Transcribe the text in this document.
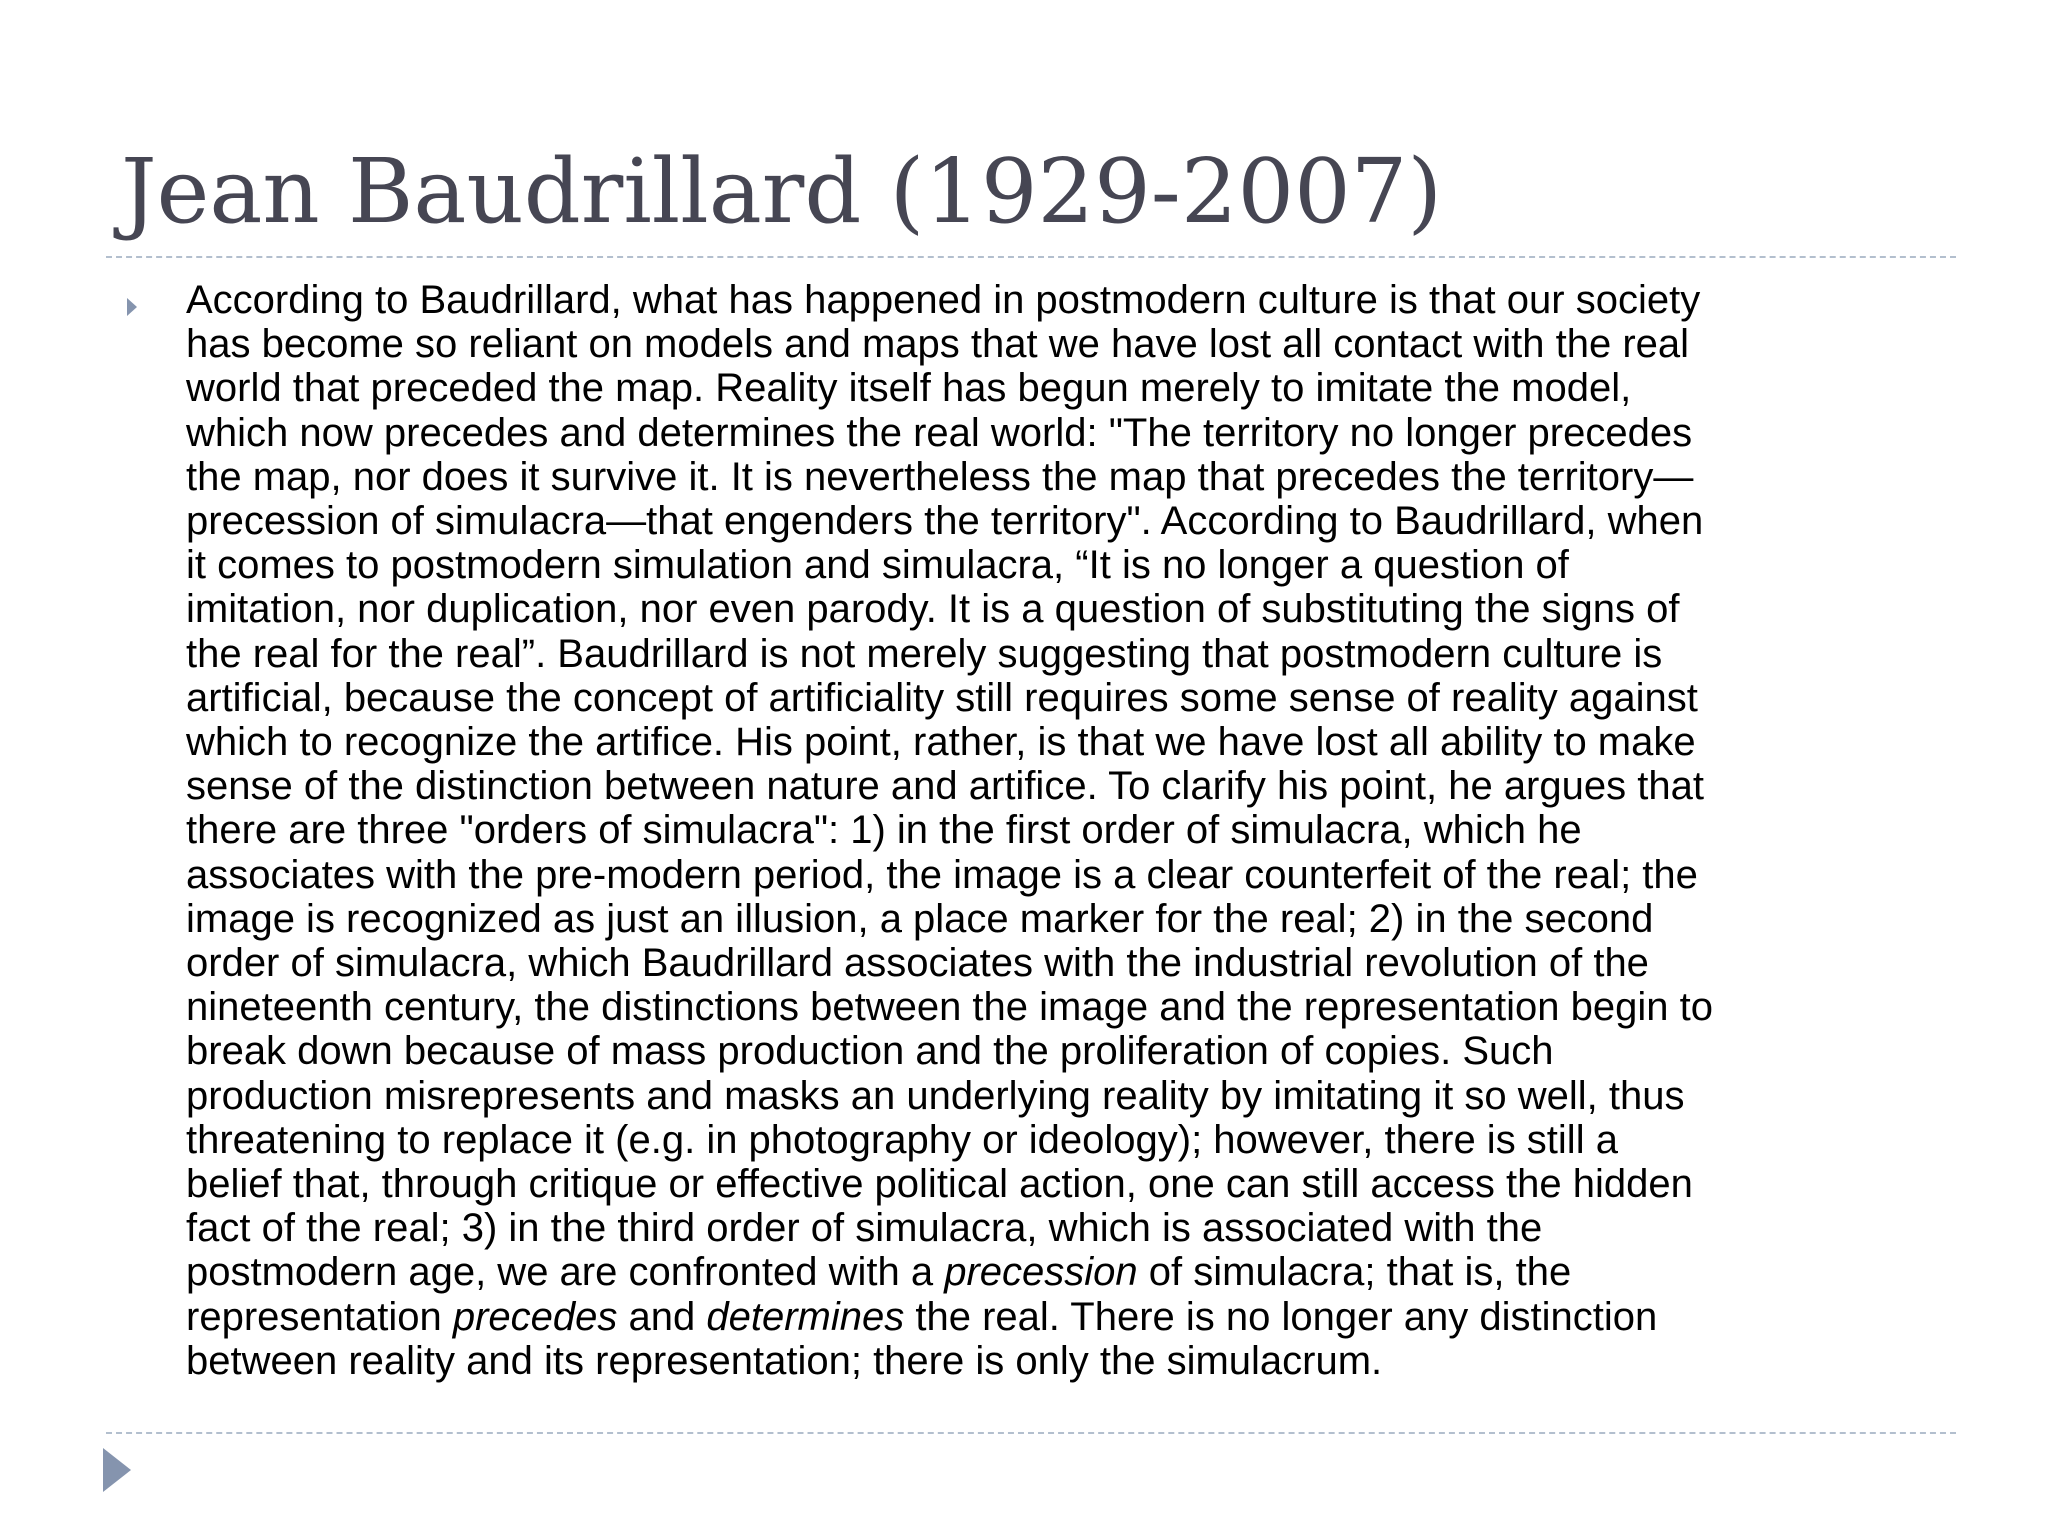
Jean Baudrillard (1929-2007)

According to Baudrillard, what has happened in postmodern culture is that our society
has become so reliant on models and maps that we have lost all contact with the real
world that preceded the map. Reality itself has begun merely to imitate the model,
which now precedes and determines the real world: "The territory no longer precedes
the map, nor does it survive it. It is nevertheless the map that precedes the territory—
precession of simulacra—that engenders the territory". According to Baudrillard, when
it comes to postmodern simulation and simulacra, “It is no longer a question of
imitation, nor duplication, nor even parody. It is a question of substituting the signs of
the real for the real”. Baudrillard is not merely suggesting that postmodern culture is
artificial, because the concept of artificiality still requires some sense of reality against
which to recognize the artifice. His point, rather, is that we have lost all ability to make
sense of the distinction between nature and artifice. To clarify his point, he argues that
there are three "orders of simulacra": 1) in the first order of simulacra, which he
associates with the pre-modern period, the image is a clear counterfeit of the real; the
image is recognized as just an illusion, a place marker for the real; 2) in the second
order of simulacra, which Baudrillard associates with the industrial revolution of the
nineteenth century, the distinctions between the image and the representation begin to
break down because of mass production and the proliferation of copies. Such
production misrepresents and masks an underlying reality by imitating it so well, thus
threatening to replace it (e.g. in photography or ideology); however, there is still a
belief that, through critique or effective political action, one can still access the hidden
fact of the real; 3) in the third order of simulacra, which is associated with the
postmodern age, we are confronted with a precession of simulacra; that is, the
representation precedes and determines the real. There is no longer any distinction
between reality and its representation; there is only the simulacrum.
